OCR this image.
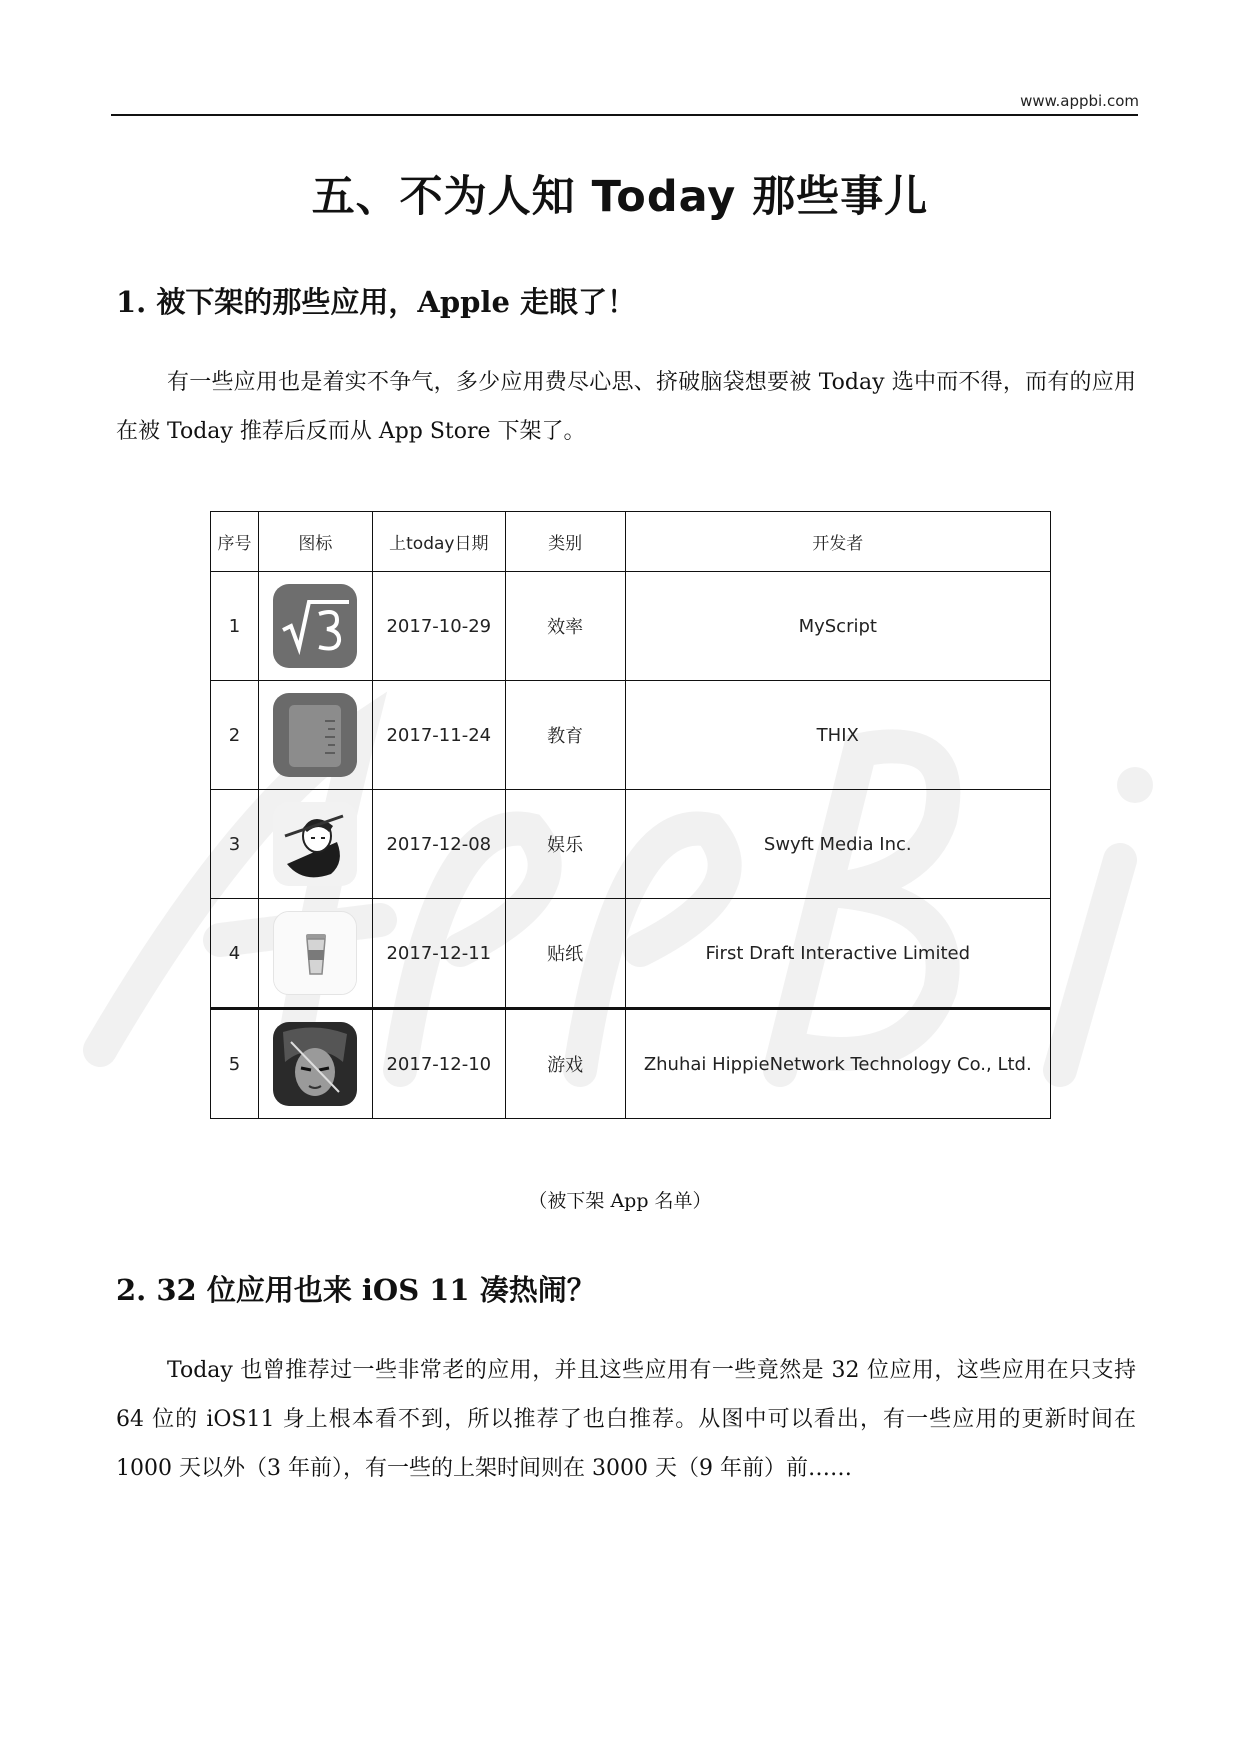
www.appbi.com
五、不为人知 Today 那些事儿
1. 被下架的那些应用，Apple 走眼了！
有一些应用也是着实不争气，多少应用费尽心思、挤破脑袋想要被 Today 选中而不得，而有的应用在被 Today 推荐后反而从 App Store 下架了。
序号	图标	上today日期	类别	开发者
1		2017-10-29	效率	MyScript
2		2017-11-24	教育	THIX
3		2017-12-08	娱乐	Swyft Media Inc.
4		2017-12-11	贴纸	First Draft Interactive Limited
5		2017-12-10	游戏	Zhuhai HippieNetwork Technology Co., Ltd.
（被下架 App 名单）
2. 32 位应用也来 iOS 11 凑热闹？
Today 也曾推荐过一些非常老的应用，并且这些应用有一些竟然是 32 位应用，这些应用在只支持 64 位的 iOS11 身上根本看不到，所以推荐了也白推荐。从图中可以看出，有一些应用的更新时间在 1000 天以外（3 年前），有一些的上架时间则在 3000 天（9 年前）前……
